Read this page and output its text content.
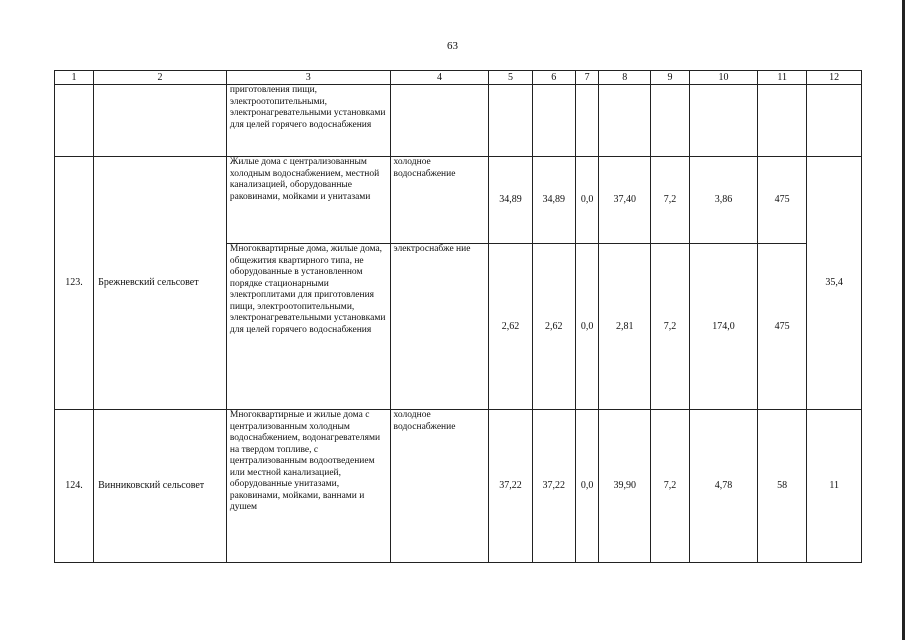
63
1	2	3	4	5	6	7	8	9	10	11	12
		приготовления пищи, электроотопительными, электронагревательными установками для целей горячего водоснабжения									
123.	Брежневский сельсовет	Жилые дома с централизованным холодным водоснабжением, местной канализацией, оборудованные раковинами, мойками и унитазами	холодное водоснабжение	34,89	34,89	0,0	37,40	7,2	3,86	475	35,4
		Многоквартирные дома, жилые дома, общежития квартирного типа, не оборудованные в установленном порядке стационарными электроплитами для приготовления пищи, электроотопительными, электронагревательными установками для целей горячего водоснабжения	электроснабже ние	2,62	2,62	0,0	2,81	7,2	174,0	475	
124.	Винниковский сельсовет	Многоквартирные и жилые дома с централизованным холодным водоснабжением, водонагревателями на твердом топливе, с централизованным водоотведением или местной канализацией, оборудованные унитазами, раковинами, мойками, ваннами и душем	холодное водоснабжение	37,22	37,22	0,0	39,90	7,2	4,78	58	11
